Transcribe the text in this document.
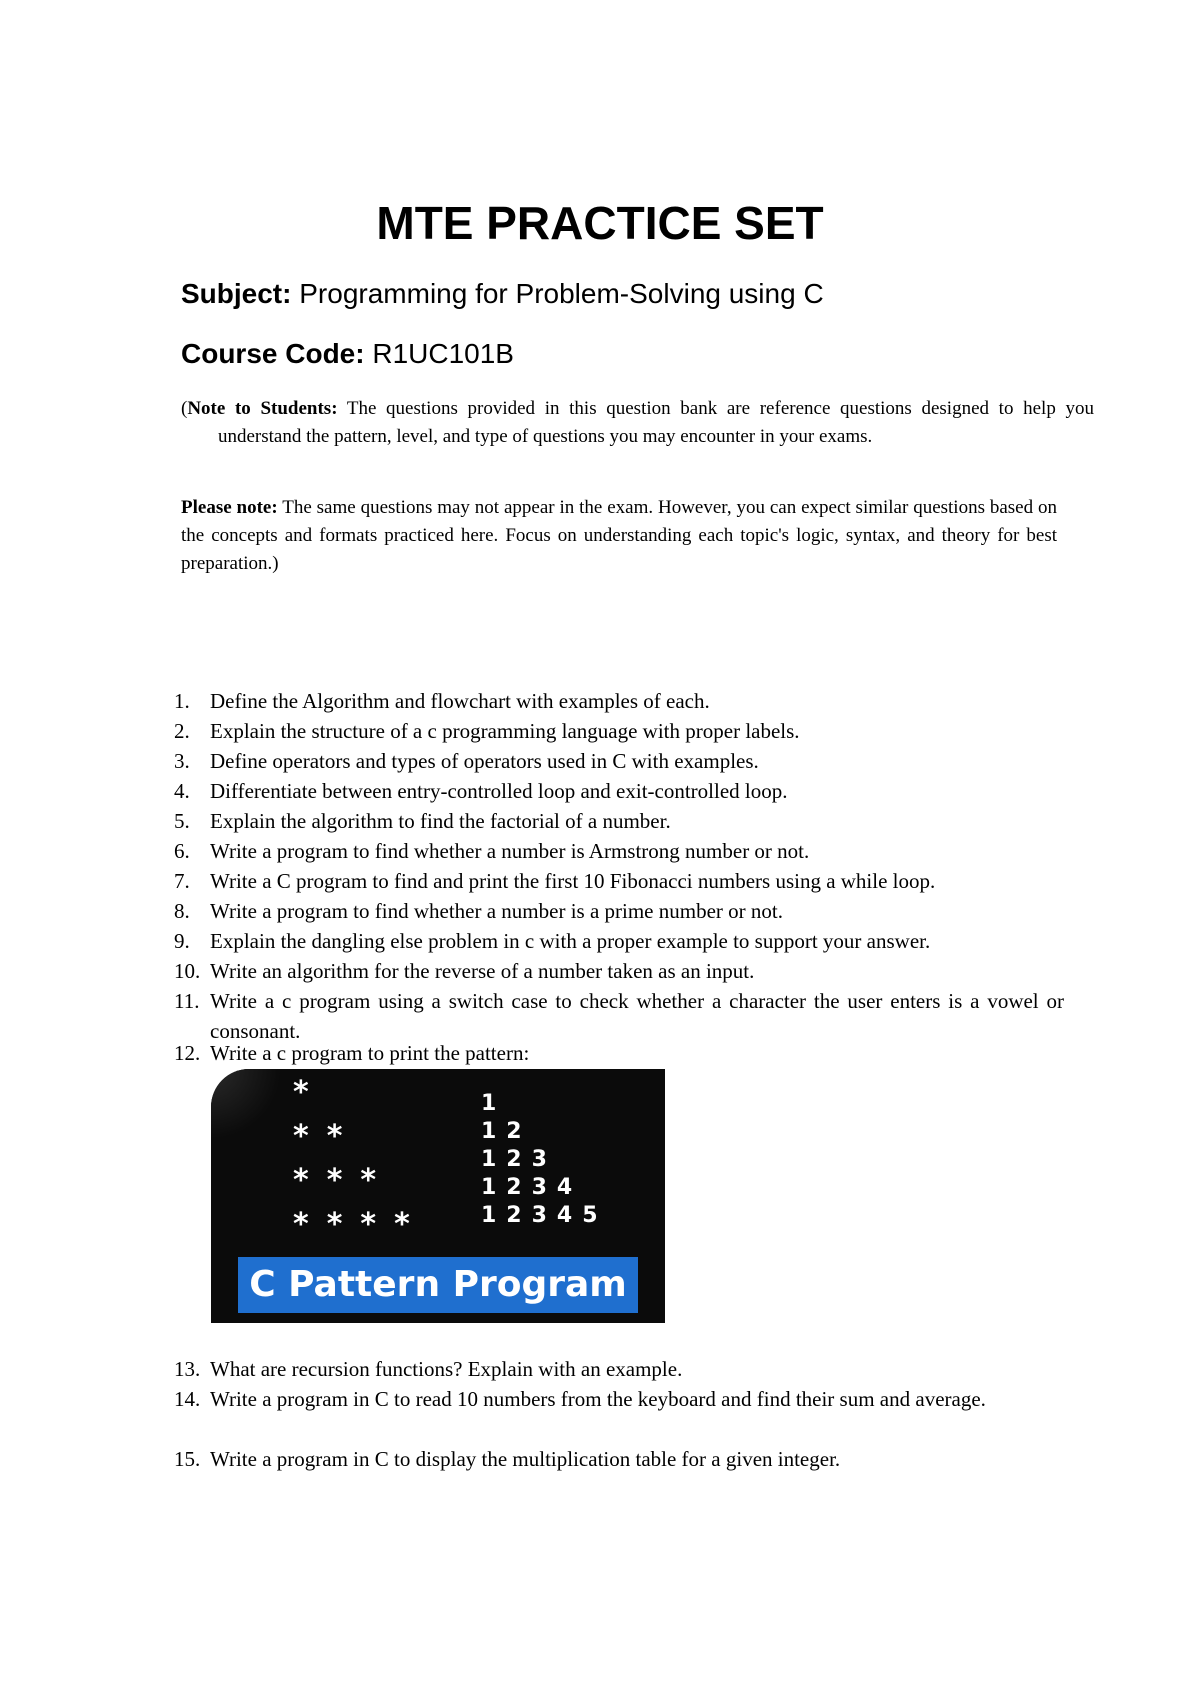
MTE PRACTICE SET
Subject: Programming for Problem-Solving using C
Course Code: R1UC101B
(Note to Students: The questions provided in this question bank are reference questions designed to help you understand the pattern, level, and type of questions you may encounter in your exams.
Please note: The same questions may not appear in the exam. However, you can expect similar questions based on the concepts and formats practiced here. Focus on understanding each topic's logic, syntax, and theory for best preparation.)
1. Define the Algorithm and flowchart with examples of each.
2. Explain the structure of a c programming language with proper labels.
3. Define operators and types of operators used in C with examples.
4. Differentiate between entry-controlled loop and exit-controlled loop.
5. Explain the algorithm to find the factorial of a number.
6. Write a program to find whether a number is Armstrong number or not.
7. Write a C program to find and print the first 10 Fibonacci numbers using a while loop.
8. Write a program to find whether a number is a prime number or not.
9. Explain the dangling else problem in c with a proper example to support your answer.
10. Write an algorithm for the reverse of a number taken as an input.
11. Write a c program using a switch case to check whether a character the user enters is a vowel or consonant.
12. Write a c program to print the pattern:
13. What are recursion functions? Explain with an example.
14. Write a program in C to read 10 numbers from the keyboard and find their sum and average.
15. Write a program in C to display the multiplication table for a given integer.
*
**
***
****
1
12
123
1234
12345
C Pattern Program
